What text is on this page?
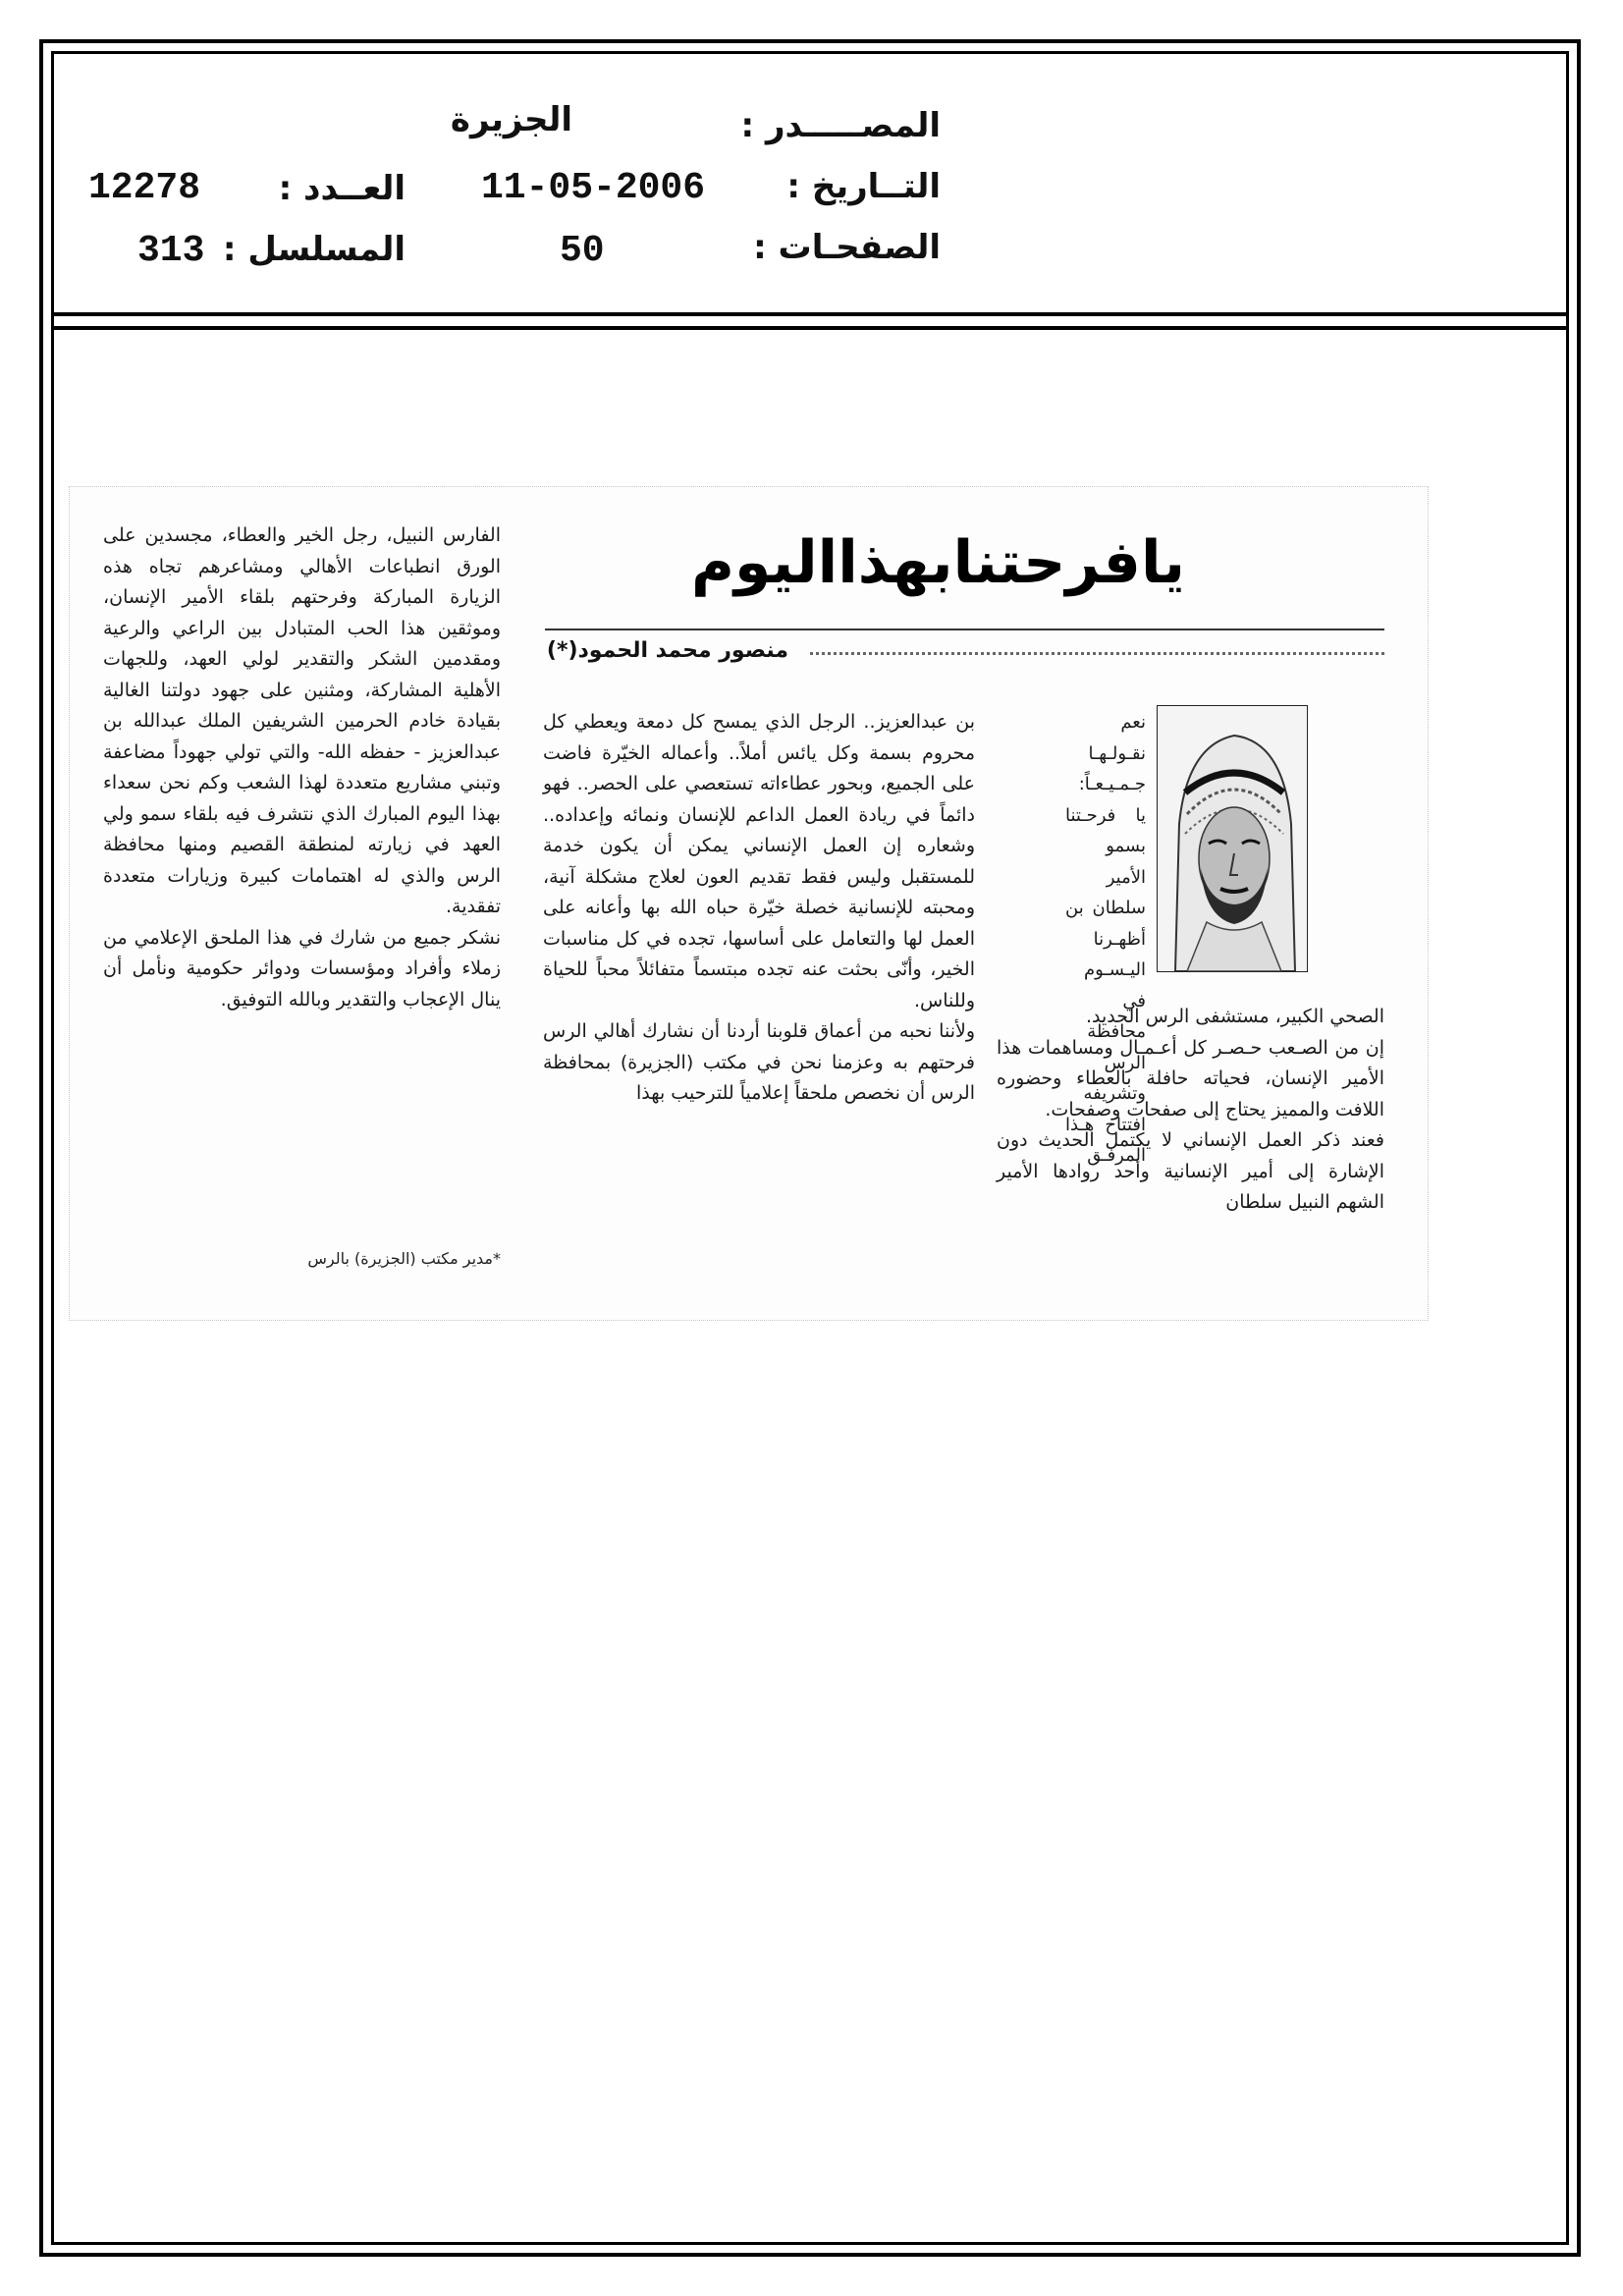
المصـــــدر :
الجزيرة
التــاريخ :
11-05-2006
العــدد :
12278
الصفحـات :
50
المسلسل :
313
يافرحتنابهذااليوم
منصور محمد الحمود(*)

نعم نقـولـهـا جـمـيـعـاً: يا فرحـتنا بسمو الأمير سلطان بن أظهـرنا اليـسـوم في محافظة الرس وتشريفه افتتاح هـذا المرفـق

الصحي الكبير، مستشفى الرس الجديد.

إن من الصـعب حـصـر كل أعـمـال ومساهمات هذا الأمير الإنسان، فحياته حافلة بالعطاء وحضوره اللافت والمميز يحتاج إلى صفحات وصفحات.

فعند ذكر العمل الإنساني لا يكتمل الحديث دون الإشارة إلى أمير الإنسانية وأحد روادها الأمير الشهم النبيل سلطان

بن عبدالعزيز.. الرجل الذي يمسح كل دمعة ويعطي كل محروم بسمة وكل يائس أملاً.. وأعماله الخيّرة فاضت على الجميع، وبحور عطاءاته تستعصي على الحصر.. فهو دائماً في ريادة العمل الداعم للإنسان ونمائه وإعداده.. وشعاره إن العمل الإنساني يمكن أن يكون خدمة للمستقبل وليس فقط تقديم العون لعلاج مشكلة آنية، ومحبته للإنسانية خصلة خيّرة حباه الله بها وأعانه على العمل لها والتعامل على أساسها، تجده في كل مناسبات الخير، وأنّى بحثت عنه تجده مبتسماً متفائلاً محباً للحياة وللناس.

ولأننا نحبه من أعماق قلوبنا أردنا أن نشارك أهالي الرس فرحتهم به وعزمنا نحن في مكتب (الجزيرة) بمحافظة الرس أن نخصص ملحقاً إعلامياً للترحيب بهذا

الفارس النبيل، رجل الخير والعطاء، مجسدين على الورق انطباعات الأهالي ومشاعرهم تجاه هذه الزيارة المباركة وفرحتهم بلقاء الأمير الإنسان، وموثقين هذا الحب المتبادل بين الراعي والرعية ومقدمين الشكر والتقدير لولي العهد، وللجهات الأهلية المشاركة، ومثنين على جهود دولتنا الغالية بقيادة خادم الحرمين الشريفين الملك عبدالله بن عبدالعزيز - حفظه الله- والتي تولي جهوداً مضاعفة وتبني مشاريع متعددة لهذا الشعب وكم نحن سعداء بهذا اليوم المبارك الذي نتشرف فيه بلقاء سمو ولي العهد في زيارته لمنطقة القصيم ومنها محافظة الرس والذي له اهتمامات كبيرة وزيارات متعددة تفقدية.

نشكر جميع من شارك في هذا الملحق الإعلامي من زملاء وأفراد ومؤسسات ودوائر حكومية ونأمل أن ينال الإعجاب والتقدير وبالله التوفيق.

*مدير مكتب (الجزيرة) بالرس
